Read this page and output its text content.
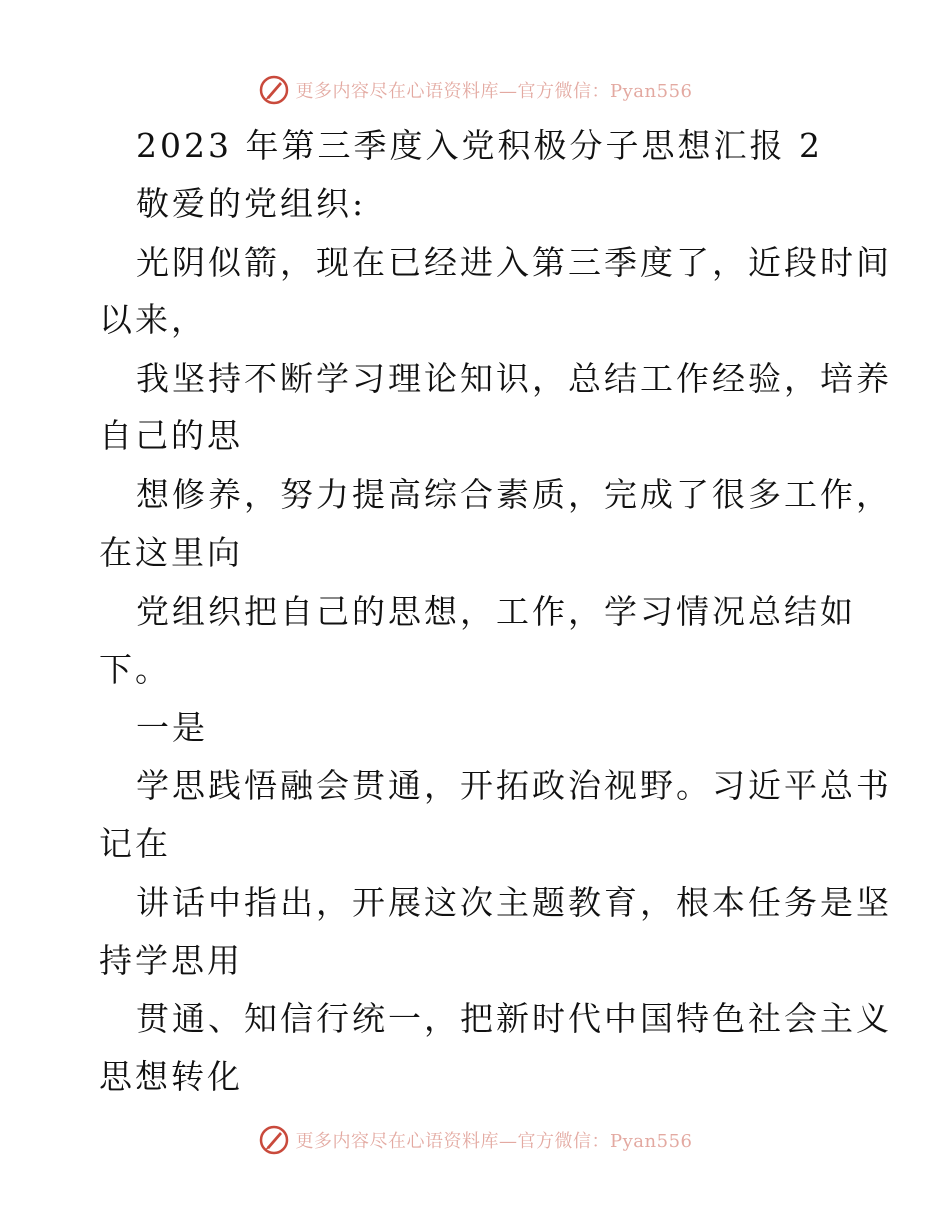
更多内容尽在心语资料库—官方微信：Pyan556
2023 年第三季度入党积极分子思想汇报 2
敬爱的党组织:
光阴似箭，现在已经进入第三季度了，近段时间
以来，
我坚持不断学习理论知识，总结工作经验，培养
自己的思
想修养，努力提高综合素质，完成了很多工作，
在这里向
党组织把自己的思想，工作，学习情况总结如
下。
一是
学思践悟融会贯通，开拓政治视野。习近平总书
记在
讲话中指出，开展这次主题教育，根本任务是坚
持学思用
贯通、知信行统一，把新时代中国特色社会主义
思想转化
更多内容尽在心语资料库—官方微信：Pyan556
